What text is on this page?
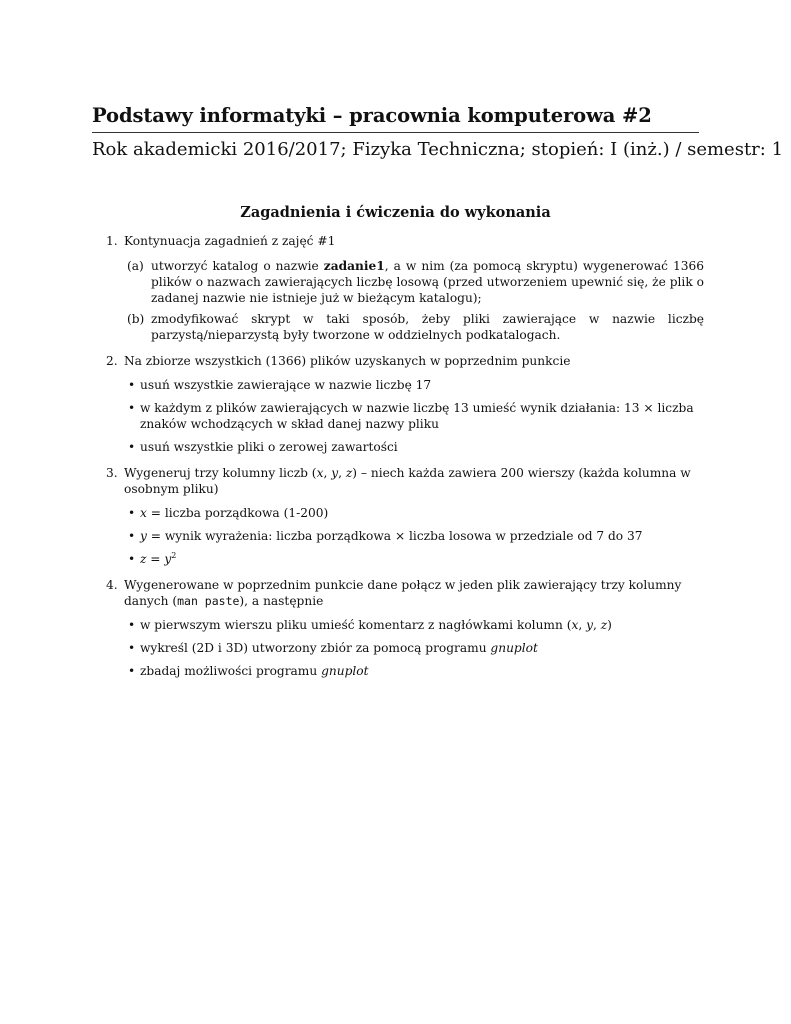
Podstawy informatyki – pracownia komputerowa #2

Rok akademicki 2016/2017; Fizyka Techniczna; stopień: I (inż.) / semestr: 1

Zagadnienia i ćwiczenia do wykonania
1. Kontynuacja zagadnień z zajęć #1
(a) utworzyć katalog o nazwie zadanie1, a w nim (za pomocą skryptu) wygenerować 1366 plików o nazwach zawierających liczbę losową (przed utworzeniem upewnić się, że plik o zadanej nazwie nie istnieje już w bieżącym katalogu);
(b) zmodyfikować skrypt w taki sposób, żeby pliki zawierające w nazwie liczbę parzystą/nieparzystą były tworzone w oddzielnych podkatalogach.
2. Na zbiorze wszystkich (1366) plików uzyskanych w poprzednim punkcie
• usuń wszystkie zawierające w nazwie liczbę 17
• w każdym z plików zawierających w nazwie liczbę 13 umieść wynik działania: 13 × liczba znaków wchodzących w skład danej nazwy pliku
• usuń wszystkie pliki o zerowej zawartości
3. Wygeneruj trzy kolumny liczb (x, y, z) – niech każda zawiera 200 wierszy (każda kolumna w osobnym pliku)
• x = liczba porządkowa (1-200)
• y = wynik wyrażenia: liczba porządkowa × liczba losowa w przedziale od 7 do 37
• $z = y^2$
4. Wygenerowane w poprzednim punkcie dane połącz w jeden plik zawierający trzy kolumny danych (man paste), a następnie
• w pierwszym wierszu pliku umieść komentarz z nagłówkami kolumn (x, y, z)
• wykreśl (2D i 3D) utworzony zbiór za pomocą programu gnuplot
• zbadaj możliwości programu gnuplot
